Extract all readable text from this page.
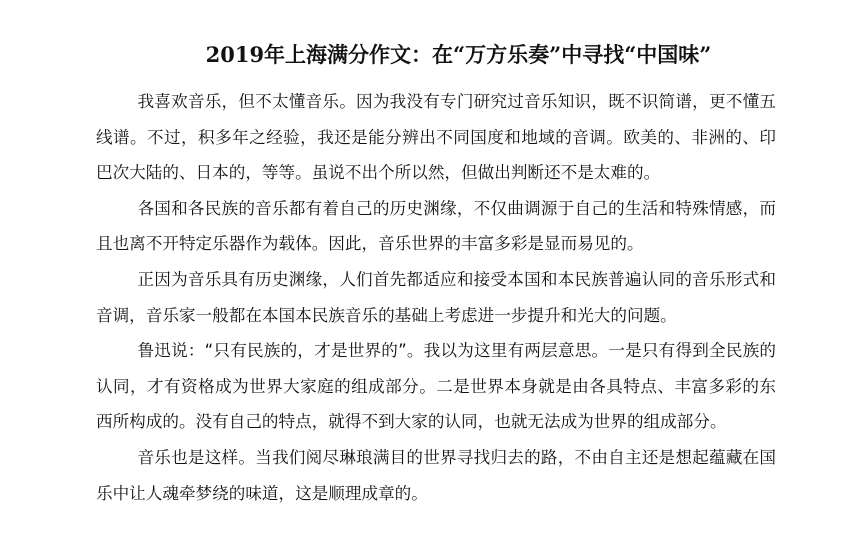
2019年上海满分作文：在“万方乐奏”中寻找“中国味”

我喜欢音乐，但不太懂音乐。因为我没有专门研究过音乐知识，既不识简谱，更不懂五线谱。不过，积多年之经验，我还是能分辨出不同国度和地域的音调。欧美的、非洲的、印巴次大陆的、日本的，等等。虽说不出个所以然，但做出判断还不是太难的。

各国和各民族的音乐都有着自己的历史渊缘，不仅曲调源于自己的生活和特殊情感，而且也离不开特定乐器作为载体。因此，音乐世界的丰富多彩是显而易见的。

正因为音乐具有历史渊缘，人们首先都适应和接受本国和本民族普遍认同的音乐形式和音调，音乐家一般都在本国本民族音乐的基础上考虑进一步提升和光大的问题。

鲁迅说：“只有民族的，才是世界的”。我以为这里有两层意思。一是只有得到全民族的认同，才有资格成为世界大家庭的组成部分。二是世界本身就是由各具特点、丰富多彩的东西所构成的。没有自己的特点，就得不到大家的认同，也就无法成为世界的组成部分。

音乐也是这样。当我们阅尽琳琅满目的世界寻找归去的路，不由自主还是想起蕴藏在国乐中让人魂牵梦绕的味道，这是顺理成章的。
